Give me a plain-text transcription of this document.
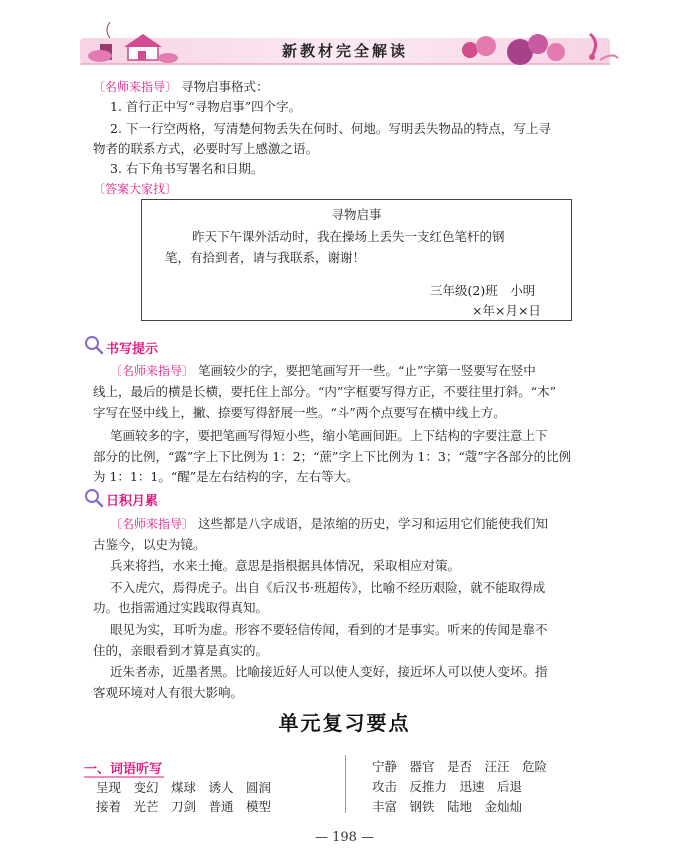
新教材完全解读
〔名师来指导〕 寻物启事格式：
1. 首行正中写“寻物启事”四个字。
2. 下一行空两格，写清楚何物丢失在何时、何地。写明丢失物品的特点，写上寻
物者的联系方式，必要时写上感激之语。
3. 右下角书写署名和日期。
〔答案大家找〕
寻物启事
昨天下午课外活动时，我在操场上丢失一支红色笔杆的钢
笔，有拾到者，请与我联系，谢谢！
三年级(2)班　小明
×年×月×日
书写提示
〔名师来指导〕 笔画较少的字，要把笔画写开一些。“止”字第一竖要写在竖中
线上，最后的横是长横，要托住上部分。“内”字框要写得方正，不要往里打斜。“木”
字写在竖中线上，撇、捺要写得舒展一些。“斗”两个点要写在横中线上方。
笔画较多的字，要把笔画写得短小些，缩小笔画间距。上下结构的字要注意上下
部分的比例，“露”字上下比例为 1：2；“蔗”字上下比例为 1：3；“蔻”字各部分的比例
为 1：1：1。“醒”是左右结构的字，左右等大。
日积月累
〔名师来指导〕 这些都是八字成语，是浓缩的历史，学习和运用它们能使我们知
古鉴今，以史为镜。
兵来将挡，水来土掩。意思是指根据具体情况，采取相应对策。
不入虎穴，焉得虎子。出自《后汉书·班超传》，比喻不经历艰险，就不能取得成
功。也指需通过实践取得真知。
眼见为实，耳听为虚。形容不要轻信传闻，看到的才是事实。听来的传闻是靠不
住的，亲眼看到才算是真实的。
近朱者赤，近墨者黑。比喻接近好人可以使人变好，接近坏人可以使人变坏。指
客观环境对人有很大影响。
单元复习要点
一、词语听写
呈现　变幻　煤球　诱人　圆润
接着　光芒　刀剑　普通　模型
宁静　器官　是否　汪汪　危险
攻击　反推力　迅速　后退
丰富　钢铁　陆地　金灿灿
— 198 —
